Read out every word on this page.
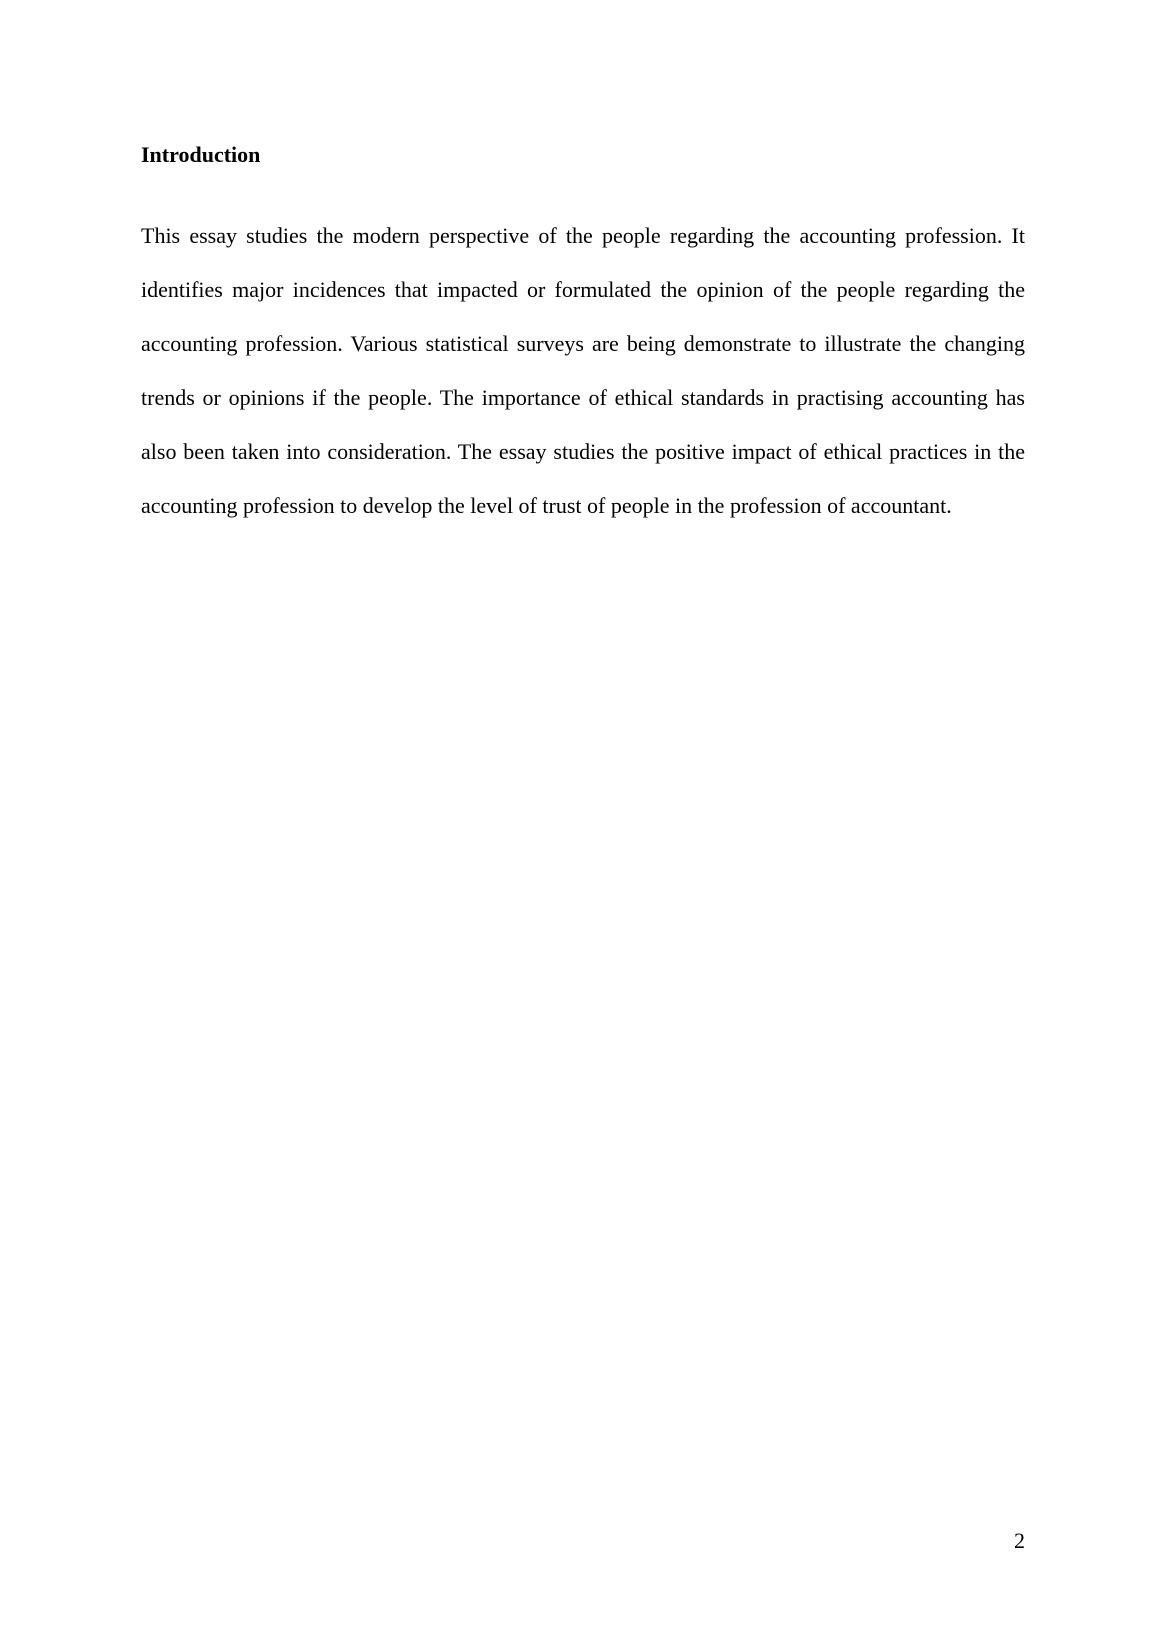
Introduction

This essay studies the modern perspective of the people regarding the accounting profession. It identifies major incidences that impacted or formulated the opinion of the people regarding the accounting profession. Various statistical surveys are being demonstrate to illustrate the changing trends or opinions if the people. The importance of ethical standards in practising accounting has also been taken into consideration. The essay studies the positive impact of ethical practices in the accounting profession to develop the level of trust of people in the profession of accountant.

2
